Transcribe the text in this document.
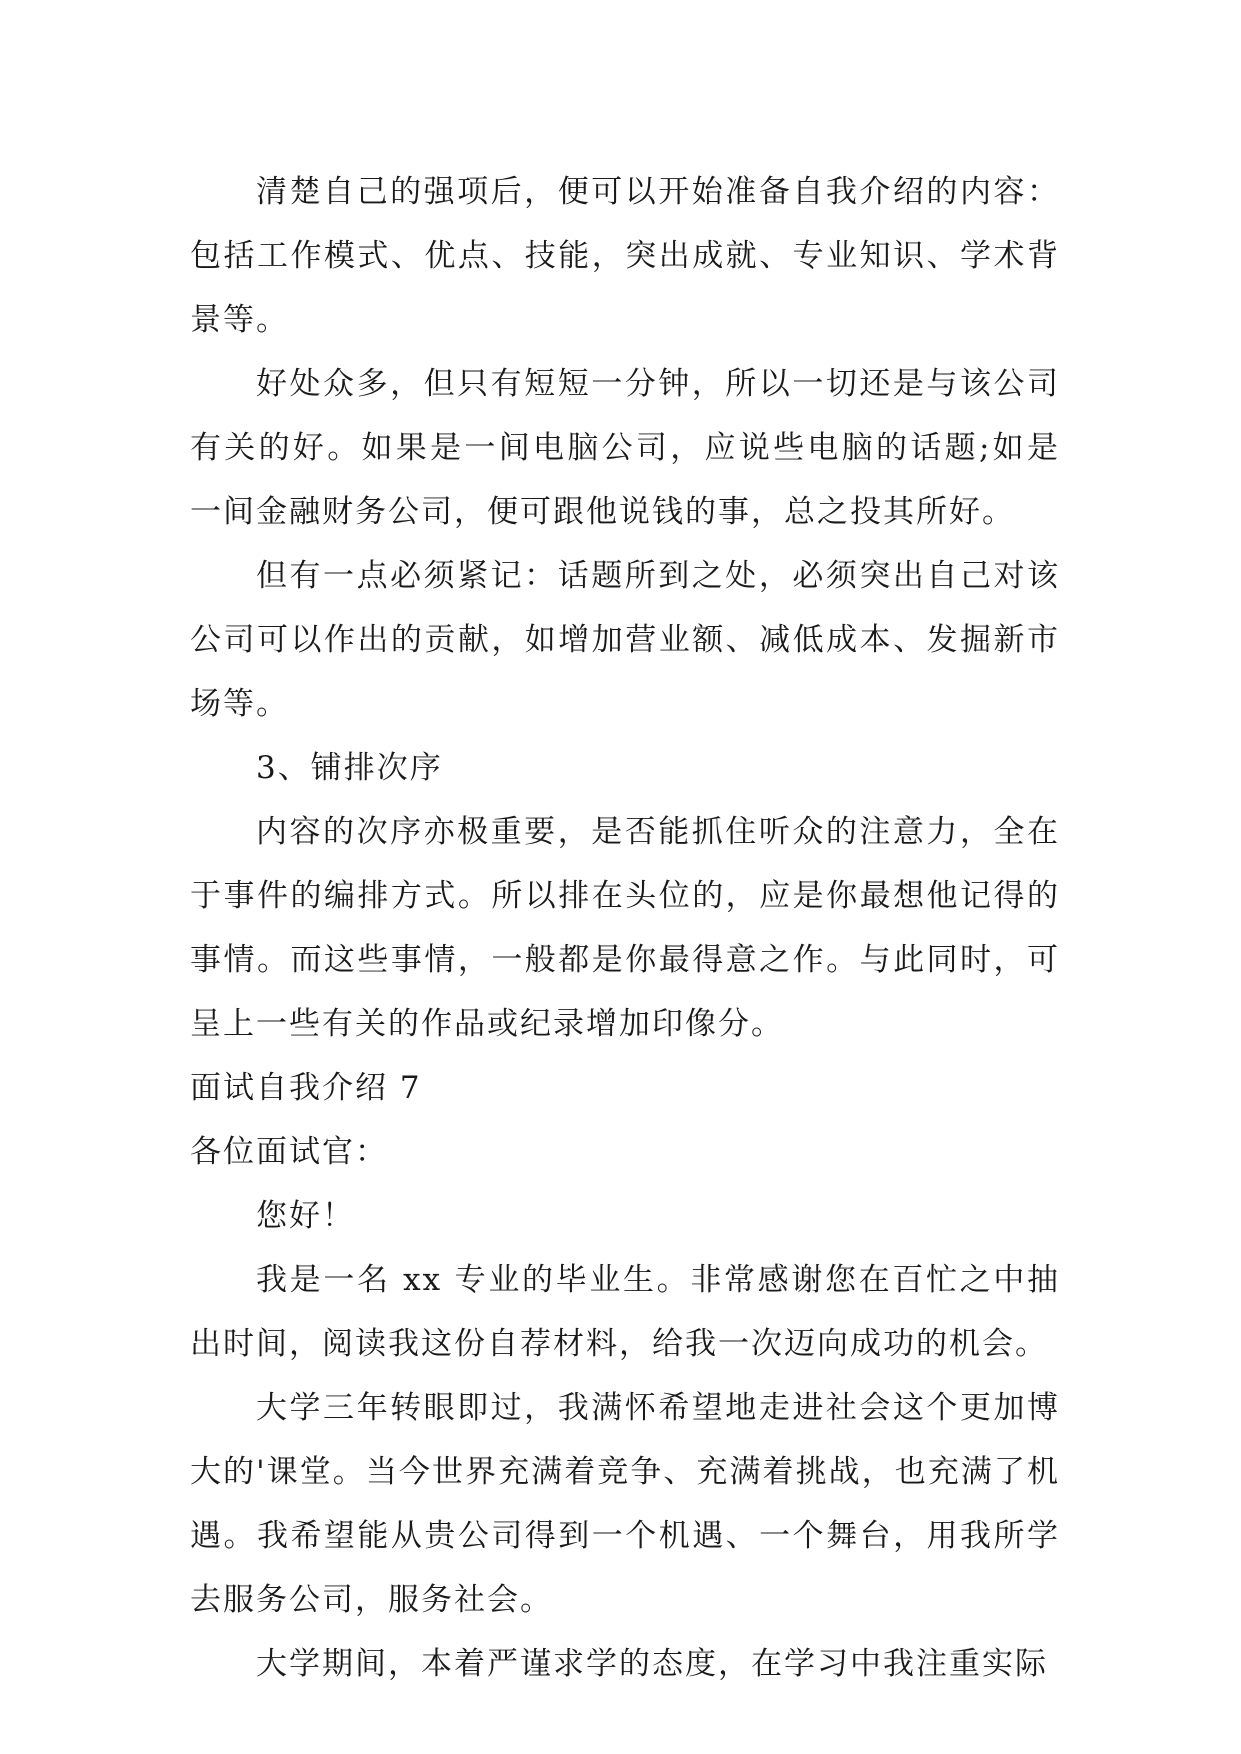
清楚自己的强项后，便可以开始准备自我介绍的内容：包括工作模式、优点、技能，突出成就、专业知识、学术背景等。

好处众多，但只有短短一分钟，所以一切还是与该公司有关的好。如果是一间电脑公司，应说些电脑的话题;如是一间金融财务公司，便可跟他说钱的事，总之投其所好。

但有一点必须紧记：话题所到之处，必须突出自己对该公司可以作出的贡献，如增加营业额、减低成本、发掘新市场等。

3、铺排次序

内容的次序亦极重要，是否能抓住听众的注意力，全在于事件的编排方式。所以排在头位的，应是你最想他记得的事情。而这些事情，一般都是你最得意之作。与此同时，可呈上一些有关的作品或纪录增加印像分。

面试自我介绍 7

各位面试官：

您好！

我是一名 xx 专业的毕业生。非常感谢您在百忙之中抽出时间，阅读我这份自荐材料，给我一次迈向成功的机会。

大学三年转眼即过，我满怀希望地走进社会这个更加博大的'课堂。当今世界充满着竞争、充满着挑战，也充满了机遇。我希望能从贵公司得到一个机遇、一个舞台，用我所学去服务公司，服务社会。

大学期间，本着严谨求学的态度，在学习中我注重实际
